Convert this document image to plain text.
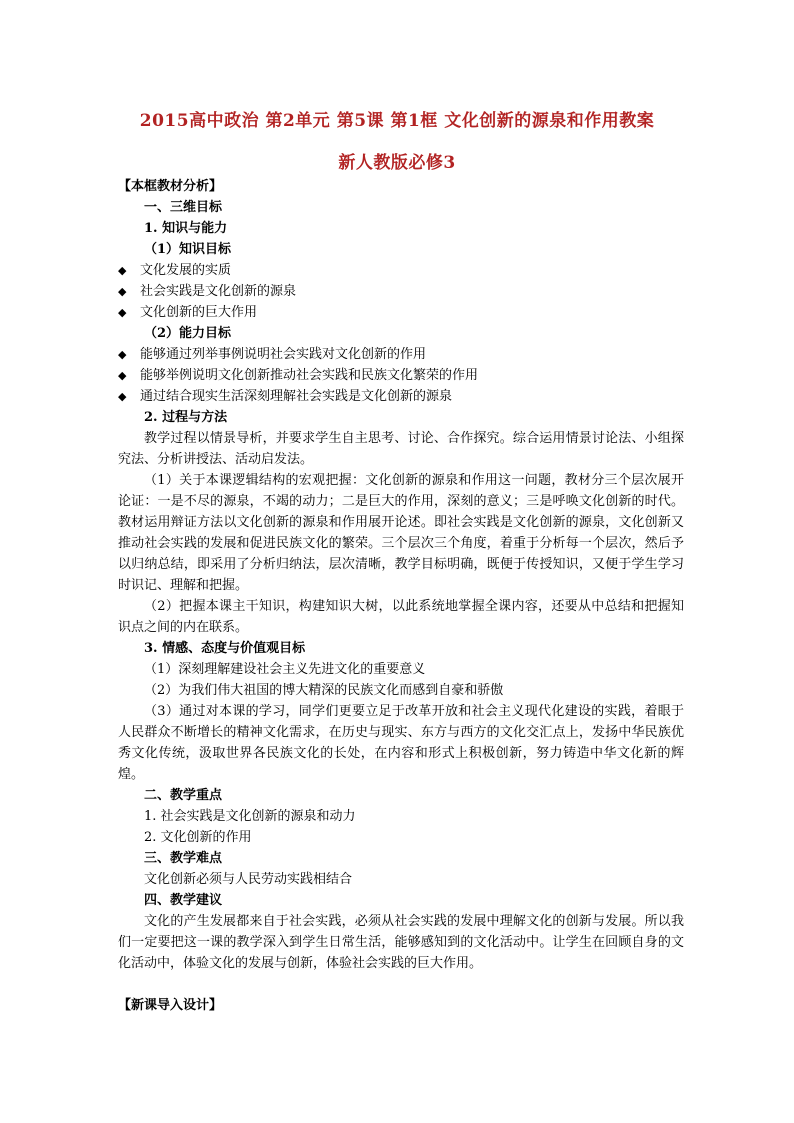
2015高中政治 第2单元 第5课 第1框 文化创新的源泉和作用教案
新人教版必修3
【本框教材分析】
一、三维目标
1. 知识与能力
（1）知识目标
◆ 文化发展的实质
◆ 社会实践是文化创新的源泉
◆ 文化创新的巨大作用
（2）能力目标
◆ 能够通过列举事例说明社会实践对文化创新的作用
◆ 能够举例说明文化创新推动社会实践和民族文化繁荣的作用
◆ 通过结合现实生活深刻理解社会实践是文化创新的源泉
2. 过程与方法
教学过程以情景导析，并要求学生自主思考、讨论、合作探究。综合运用情景讨论法、小组探究法、分析讲授法、活动启发法。
（1）关于本课逻辑结构的宏观把握：文化创新的源泉和作用这一问题，教材分三个层次展开论证：一是不尽的源泉，不竭的动力；二是巨大的作用，深刻的意义；三是呼唤文化创新的时代。教材运用辩证方法以文化创新的源泉和作用展开论述。即社会实践是文化创新的源泉，文化创新又推动社会实践的发展和促进民族文化的繁荣。三个层次三个角度，着重于分析每一个层次，然后予以归纳总结，即采用了分析归纳法，层次清晰，教学目标明确，既便于传授知识，又便于学生学习时识记、理解和把握。
（2）把握本课主干知识，构建知识大树，以此系统地掌握全课内容，还要从中总结和把握知识点之间的内在联系。
3. 情感、态度与价值观目标
（1）深刻理解建设社会主义先进文化的重要意义
（2）为我们伟大祖国的博大精深的民族文化而感到自豪和骄傲
（3）通过对本课的学习，同学们更要立足于改革开放和社会主义现代化建设的实践，着眼于人民群众不断增长的精神文化需求，在历史与现实、东方与西方的文化交汇点上，发扬中华民族优秀文化传统，汲取世界各民族文化的长处，在内容和形式上积极创新，努力铸造中华文化新的辉煌。
二、教学重点
1. 社会实践是文化创新的源泉和动力
2. 文化创新的作用
三、教学难点
文化创新必须与人民劳动实践相结合
四、教学建议
文化的产生发展都来自于社会实践，必须从社会实践的发展中理解文化的创新与发展。所以我们一定要把这一课的教学深入到学生日常生活，能够感知到的文化活动中。让学生在回顾自身的文化活动中，体验文化的发展与创新，体验社会实践的巨大作用。
【新课导入设计】
